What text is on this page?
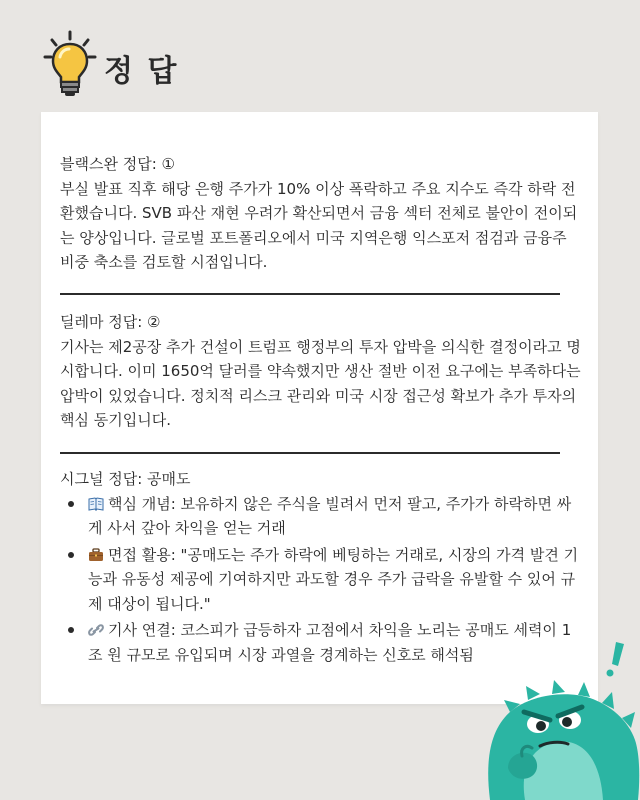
정 답
블랙스완 정답: ①
부실 발표 직후 해당 은행 주가가 10% 이상 폭락하고 주요 지수도 즉각 하락 전환했습니다. SVB 파산 재현 우려가 확산되면서 금융 섹터 전체로 불안이 전이되는 양상입니다. 글로벌 포트폴리오에서 미국 지역은행 익스포저 점검과 금융주 비중 축소를 검토할 시점입니다.
딜레마 정답: ②
기사는 제2공장 추가 건설이 트럼프 행정부의 투자 압박을 의식한 결정이라고 명시합니다. 이미 1650억 달러를 약속했지만 생산 절반 이전 요구에는 부족하다는 압박이 있었습니다. 정치적 리스크 관리와 미국 시장 접근성 확보가 추가 투자의 핵심 동기입니다.
시그널 정답: 공매도
핵심 개념: 보유하지 않은 주식을 빌려서 먼저 팔고, 주가가 하락하면 싸게 사서 갚아 차익을 얻는 거래
면접 활용: "공매도는 주가 하락에 베팅하는 거래로, 시장의 가격 발견 기능과 유동성 제공에 기여하지만 과도할 경우 주가 급락을 유발할 수 있어 규제 대상이 됩니다."
기사 연결: 코스피가 급등하자 고점에서 차익을 노리는 공매도 세력이 1조 원 규모로 유입되며 시장 과열을 경계하는 신호로 해석됨
